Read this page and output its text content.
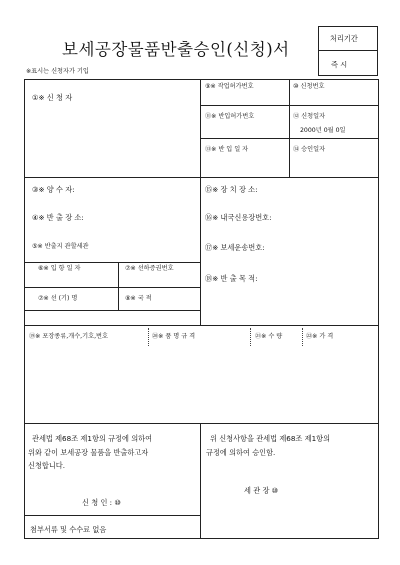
보세공장물품반출승인(신청)서
처리기간
즉 시
※표시는 신청자가 기입
①※ 신 청 자
⑨※ 작업허가번호	⑩ 신청번호
⑪※ 반입허가번호	⑫ 신청일자
2000년 0월 0일
⑬※ 반 입 일 자	⑭ 승인일자
③※ 양 수 자:
④※ 반 출 장 소:
⑤※ 반출지 관할세관
⑥※ 입 항 일 자	⑦※ 선하증권번호
⑦※ 선 (기) 명	⑧※ 국 적
⑮※ 장 치 장 소:
⑯※ 내국신용장번호:
⑰※ 보세운송번호:
⑱※ 반 출 목 적:
⑲※ 포장종류,개수,기호,번호	⑳※ 품 명 규 격	㉑※ 수 량	㉒※ 가 격
관세법 제68조 제1항의 규정에 의하여
위와 같이 보세공장 물품을 반출하고자
신청합니다.
신 청 인 : ⑩
위 신청사항을 관세법 제68조 제1항의
규정에 의하여 승인함.
세 관 장 ⑩
첨부서류 및 수수료 없음
